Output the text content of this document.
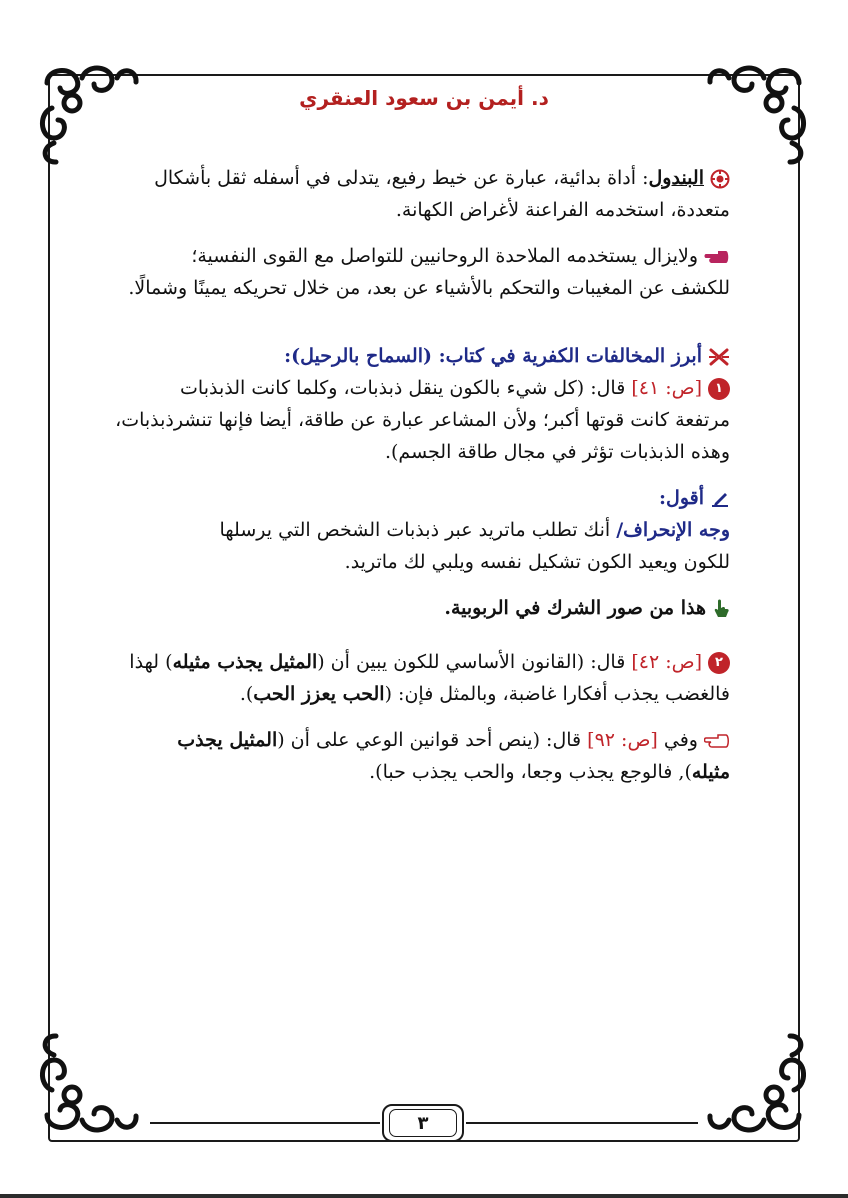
د. أيمن بن سعود العنقري

البندول: أداة بدائية، عبارة عن خيط رفيع، يتدلى في أسفله ثقل بأشكال

متعددة، استخدمه الفراعنة لأغراض الكهانة.

ولايزال يستخدمه الملاحدة الروحانيين للتواصل مع القوى النفسية؛

للكشف عن المغيبات والتحكم بالأشياء عن بعد، من خلال تحريكه يمينًا وشمالًا.

أبرز المخالفات الكفرية في كتاب: (السماح بالرحيل):

١[ص: ٤١] قال: (كل شيء بالكون ينقل ذبذبات، وكلما كانت الذبذبات

مرتفعة كانت قوتها أكبر؛ ولأن المشاعر عبارة عن طاقة، أيضا فإنها تنشرذبذبات،

وهذه الذبذبات تؤثر في مجال طاقة الجسم).

أقول:

وجه الإنحراف/ أنك تطلب ماتريد عبر ذبذبات الشخص التي يرسلها

للكون ويعيد الكون تشكيل نفسه ويلبي لك ماتريد.

هذا من صور الشرك في الربوبية.

٢[ص: ٤٢] قال: (القانون الأساسي للكون يبين أن (المثيل يجذب مثيله) لهذا

فالغضب يجذب أفكارا غاضبة، وبالمثل فإن: (الحب يعزز الحب).

وفي [ص: ٩٢] قال: (ينص أحد قوانين الوعي على أن (المثيل يجذب

مثيله), فالوجع يجذب وجعا، والحب يجذب حبا).

٣
